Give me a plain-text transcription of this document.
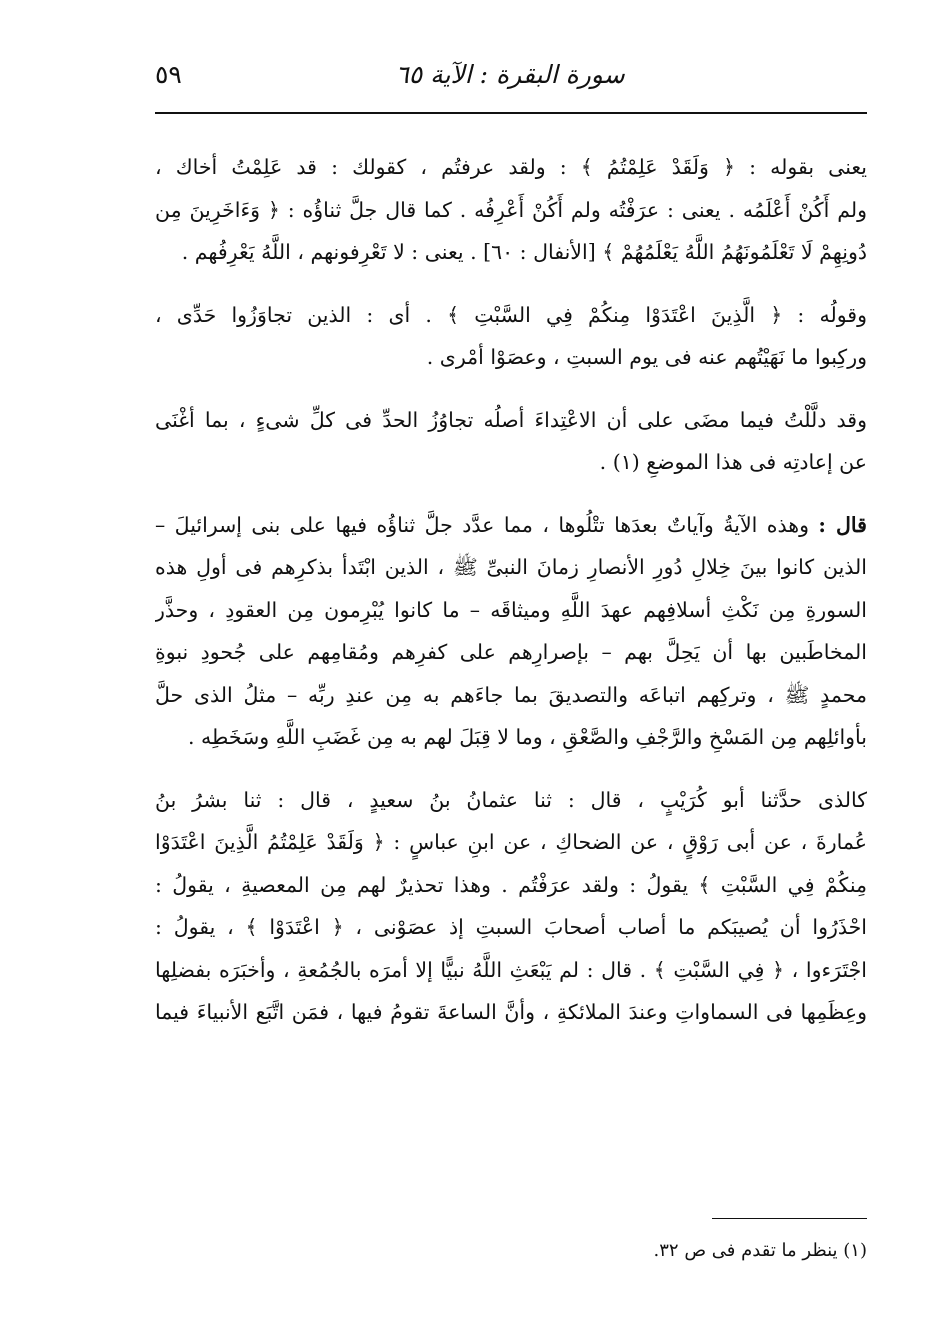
سورة البقرة : الآية ٦٥
٥٩

يعنى بقوله : ﴿ وَلَقَدْ عَلِمْتُمُ ﴾ : ولقد عرفتُم ، كقولك : قد عَلِمْتُ أخاك ،
ولم أَكُنْ أَعْلَمُه . يعنى : عرَفْتُه ولم أَكُنْ أَعْرِفُه . كما قال جلَّ ثناؤُه : ﴿ وَءَاخَرِينَ مِن
دُونِهِمْ لَا تَعْلَمُونَهُمُ اللَّهُ يَعْلَمُهُمْ ﴾ [الأنفال : ٦٠] . يعنى : لا تَعْرِفونهم ، اللَّهُ يَعْرِفُهم .

وقولُه : ﴿ الَّذِينَ اعْتَدَوْا مِنكُمْ فِي السَّبْتِ ﴾ . أى : الذين تجاوَزُوا حَدِّى ،
وركِبوا ما نَهَيْتُهم عنه فى يوم السبتِ ، وعصَوْا أمْرى .

وقد دلَّلْتُ فيما مضَى على أن الاعْتِداءَ أصلُه تجاوُزُ الحدِّ فى كلِّ شىءٍ ، بما أغْنَى
عن إعادتِه فى هذا الموضعِ (١) .

قال : وهذه الآيةُ وآياتٌ بعدَها تتْلُوها ، مما عدَّد جلَّ ثناؤُه فيها على بنى إسرائيلَ –
الذين كانوا بينَ خِلالِ دُورِ الأنصارِ زمانَ النبىِّ ﷺ ، الذين ابْتَدأ بذكرِهم فى أولِ هذه
السورةِ مِن نَكْثِ أسلافِهم عهدَ اللَّهِ وميثاقَه – ما كانوا يُبْرِمون مِن العقودِ ، وحذَّر
المخاطَبين بها أن يَحِلَّ بهم – بإصرارِهم على كفرِهم ومُقامِهم على جُحودِ نبوةِ
محمدٍ ﷺ ، وتركِهم اتباعَه والتصديقَ بما جاءَهم به مِن عندِ ربِّه – مثلُ الذى حلَّ
بأوائلِهم مِن المَسْخِ والرَّجْفِ والصَّعْقِ ، وما لا قِبَلَ لهم به مِن غَضَبِ اللَّهِ وسَخَطِه .

كالذى حدَّثنا أبو كُرَيْبٍ ، قال : ثنا عثمانُ بنُ سعيدٍ ، قال : ثنا بشرُ بنُ
عُمارةَ ، عن أبى رَوْقٍ ، عن الضحاكِ ، عن ابنِ عباسٍ : ﴿ وَلَقَدْ عَلِمْتُمُ الَّذِينَ اعْتَدَوْا
مِنكُمْ فِي السَّبْتِ ﴾ يقولُ : ولقد عرَفْتُم . وهذا تحذيرٌ لهم مِن المعصيةِ ، يقولُ :
احْذَرُوا أن يُصيبَكم ما أصاب أصحابَ السبتِ إذ عصَوْنى ، ﴿ اعْتَدَوْا ﴾ ، يقولُ :
اجْتَرَءوا ، ﴿ فِي السَّبْتِ ﴾ . قال : لم يَبْعَثِ اللَّهُ نبيًّا إلا أمرَه بالجُمُعةِ ، وأخبَرَه بفضلِها
وعِظَمِها فى السماواتِ وعندَ الملائكةِ ، وأنَّ الساعةَ تقومُ فيها ، فمَن اتَّبَع الأنبياءَ فيما

(١) ينظر ما تقدم فى ص ٣٢.
